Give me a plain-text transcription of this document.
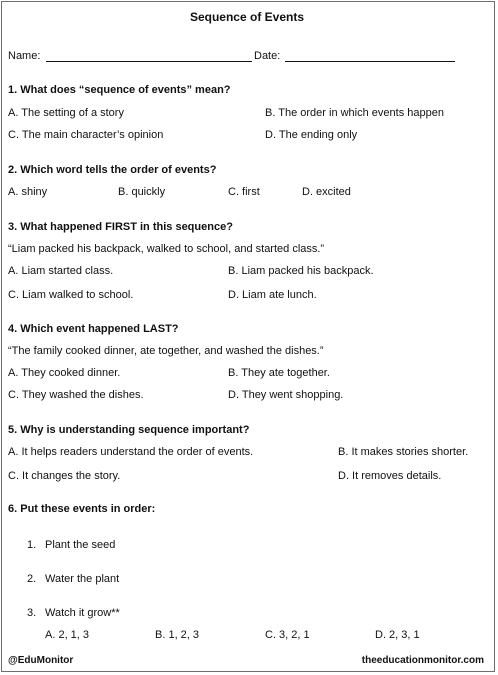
Sequence of Events
Name:	Date:
1. What does “sequence of events” mean?
A. The setting of a story	B. The order in which events happen
C. The main character’s opinion	D. The ending only
2. Which word tells the order of events?
A. shiny	B. quickly	C. first	D. excited
3. What happened FIRST in this sequence?
“Liam packed his backpack, walked to school, and started class.”
A. Liam started class.	B. Liam packed his backpack.
C. Liam walked to school.	D. Liam ate lunch.
4. Which event happened LAST?
“The family cooked dinner, ate together, and washed the dishes.”
A. They cooked dinner.	B. They ate together.
C. They washed the dishes.	D. They went shopping.
5. Why is understanding sequence important?
A. It helps readers understand the order of events.	B. It makes stories shorter.
C. It changes the story.	D. It removes details.
6. Put these events in order:
1. Plant the seed
2. Water the plant
3. Watch it grow**
A. 2, 1, 3	B. 1, 2, 3	C. 3, 2, 1	D. 2, 3, 1
@EduMonitor	theeducationmonitor.com
